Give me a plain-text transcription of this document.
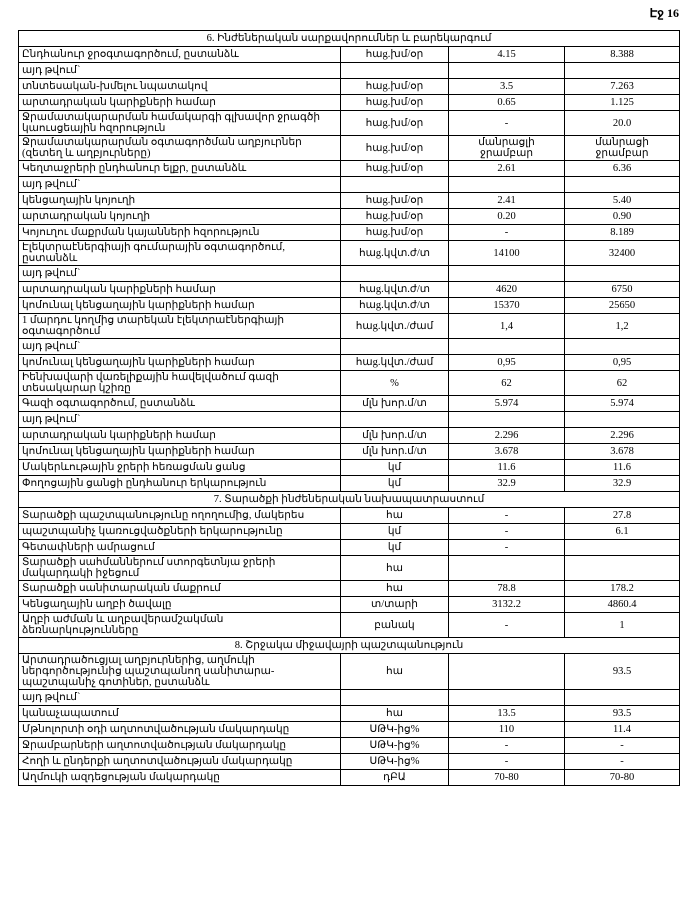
Էջ 16
6. Ինժեներական սարքավորումներ և բարեկարգում			
Ընդհանուր ջրօգտագործում, ըստանձև	հաg.խմ/օր	4.15	8.388
այդ թվում`			
տնտեսական-խմելու նպատակով	հաg.խմ/օր	3.5	7.263
արտադրական կարիքների համար	հաg.խմ/օր	0.65	1.125
Ջրամատակարարման համակարգի գլխավոր ջրագծի կաուսցեային հզորություն	հաg.խմ/օր	-	20.0
Ջրամատակարարման օգտագործման աղբյուրներ (զետեղ և աղբյուրները)	հաg.խմ/օր	մանրացլի ջրամբար	մանրացի ջրամբար
Կեղտաջրերի ընդհանուր ելքր, ըստանձև	հաg.խմ/օր	2.61	6.36
այդ թվում`			
կենցաղային կոյուղի	հաg.խմ/օր	2.41	5.40
արտադրական կոյուղի	հաg.խմ/օր	0.20	0.90
Կոյուղու մաքրման կայանների հզորություն	հաg.խմ/օր	-	8.189
Էլեկտրաէներգիայի գումարային օգտագործում, ըստանձև	հաg.կվտ.ժ/տ	14100	32400
այդ թվում`			
արտադրական կարիքների համար	հաg.կվտ.ժ/տ	4620	6750
կոմունալ կենցաղային կարիքների համար	հաg.կվտ.ժ/տ	15370	25650
1 մարդու կողմից տարեկան էլեկտրաէներգիայի օգտագործում	հաg.կվտ./ժամ	1,4	1,2
այդ թվում`			
կոմունալ կենցաղային կարիքների համար	հաg.կվտ./ժամ	0,95	0,95
Իենխավարի վառելիքային հավելվածում գազի տեսակարար կշիռը	%	62	62
Գազի օգտագործում, ըստանձև	մլն խոր.մ/տ	5.974	5.974
այդ թվում`			
արտադրական կարիքների համար	մլն խոր.մ/տ	2.296	2.296
կոմունալ կենցաղային կարիքների համար	մլն խոր.մ/տ	3.678	3.678
Մակերևութային ջրերի հեռացման ցանց	կմ	11.6	11.6
Փողոցային ցանցի ընդհանուր երկարություն	կմ	32.9	32.9
7. Տարածքի ինժեներական նախապատրաստում			
Տարածքի պաշտպանությունը ողողումից, մակերես	հա	-	27.8
պաշտպանիչ կառուցվածքների երկարությունը	կմ	-	6.1
Գետափների ամրացում	կմ	-	
Տարածքի սահմաններում ստորգետնյա ջրերի մակարդակի իջեցում	հա		
Տարածքի սանիտարական մաքրում	հա	78.8	178.2
Կենցաղային աղբի ծավալը	տ/տարի	3132.2	4860.4
Աղբի աժման և աղբավերամշակման ձեռնարկությունները	բանակ	-	1
8. Շրջակա միջավայրի պաշտպանություն			
Արտադրածուցյալ աղբյուրներից, աղմուկի ներգործությունից պաշտպանող սանիտարա-պաշտպանիչ գոտիներ, ըստանձև	հա		93.5
այդ թվում`			
կանաչապատում	հա	13.5	93.5
Մթնոլորտի օդի աղտոտվածության մակարդակը	ՍԹԿ-ից%	110	11.4
Ջրամբարների աղտոտվածության մակարդակը	ՍԹԿ-ից%	-	-
Հողի և ընդերքի աղտոտվածության մակարդակը	ՍԹԿ-ից%	-	-
Աղմուկի ազդեցության մակարդակը	դԲԱ	70-80	70-80
